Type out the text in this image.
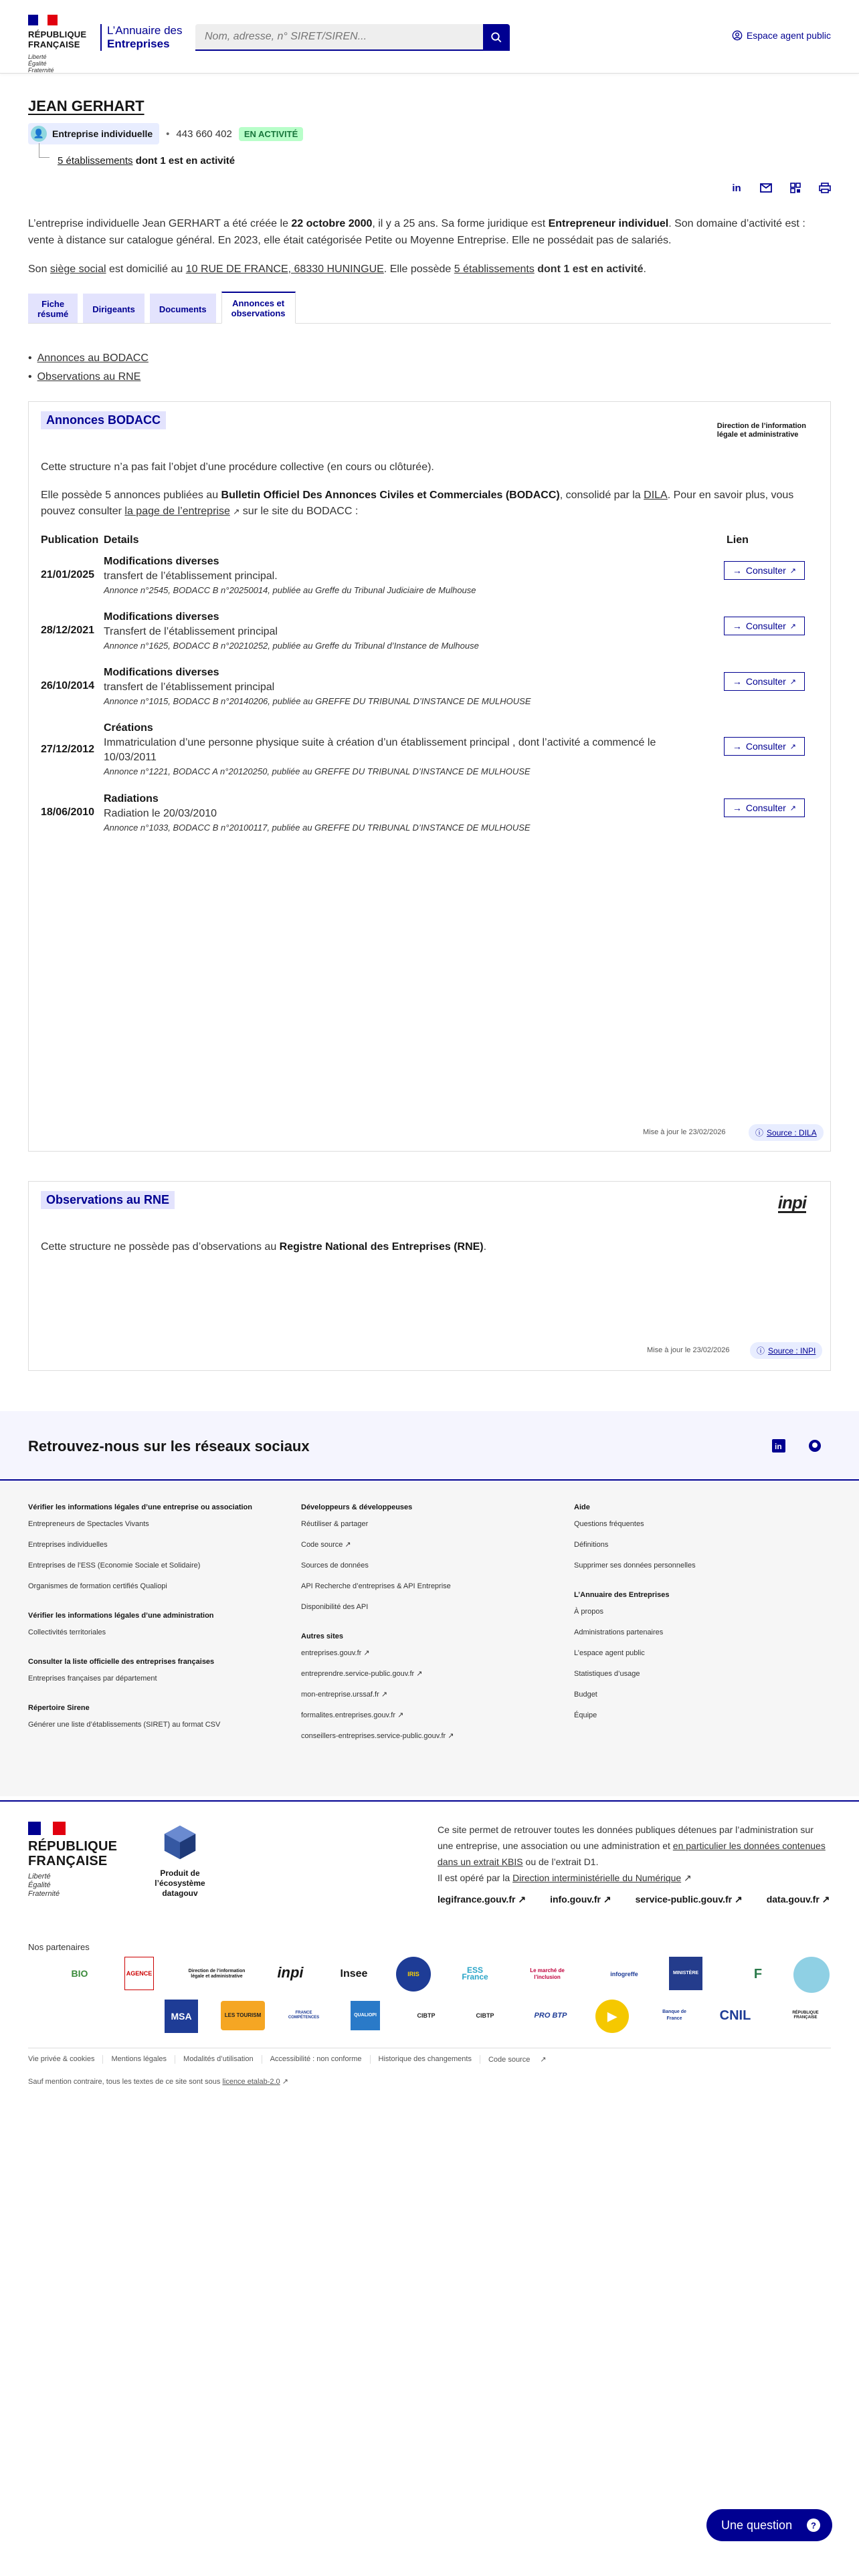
RÉPUBLIQUE FRANÇAISE
Liberté
Égalité
Fraternité
L’Annuaire des
Entreprises
Nom, adresse, n° SIRET/SIREN...
Espace agent public
JEAN GERHART
👤 Entreprise individuelle • 443 660 402	EN ACTIVITÉ
5 établissements dont 1 est en activité
in

L’entreprise individuelle Jean GERHART a été créée le 22 octobre 2000, il y a 25 ans. Sa forme juridique est Entrepreneur individuel. Son domaine d’activité est : vente à distance sur catalogue général. En 2023, elle était catégorisée Petite ou Moyenne Entreprise. Elle ne possédait pas de salariés.

Son siège social est domicilié au 10 RUE DE FRANCE, 68330 HUNINGUE. Elle possède 5 établissements dont 1 est en activité.

Fiche
résumé	Dirigeants	Documents
Annonces et
observations
• Annonces au BODACC
• Observations au RNE
Annonces BODACC	Direction de l’information
légale et administrative

Cette structure n’a pas fait l’objet d’une procédure collective (en cours ou clôturée).

Elle possède 5 annonces publiées au Bulletin Officiel Des Annonces Civiles et Commerciales (BODACC), consolidé par la DILA. Pour en savoir plus, vous pouvez consulter la page de l’entreprise ↗ sur le site du BODACC :

Publication Details	Lien
21/01/2025
Modifications diverses
transfert de l’établissement principal.
Annonce n°2545, BODACC B n°20250014, publiée au Greffe du Tribunal Judiciaire de Mulhouse
→ Consulter ↗
28/12/2021
Modifications diverses
Transfert de l’établissement principal
Annonce n°1625, BODACC B n°20210252, publiée au Greffe du Tribunal d’Instance de Mulhouse
→ Consulter ↗
26/10/2014
Modifications diverses
transfert de l’établissement principal
Annonce n°1015, BODACC B n°20140206, publiée au GREFFE DU TRIBUNAL D’INSTANCE DE MULHOUSE
→ Consulter ↗
27/12/2012
Créations
Immatriculation d’une personne physique suite à création d’un établissement principal , dont l’activité a commencé le 10/03/2011
Annonce n°1221, BODACC A n°20120250, publiée au GREFFE DU TRIBUNAL D’INSTANCE DE MULHOUSE
→ Consulter ↗
18/06/2010
Radiations
Radiation le 20/03/2010
Annonce n°1033, BODACC B n°20100117, publiée au GREFFE DU TRIBUNAL D’INSTANCE DE MULHOUSE
→ Consulter ↗
Mise à jour le 23/02/2026	ⓘ Source : DILA
Observations au RNE	inpi

Cette structure ne possède pas d’observations au Registre National des Entreprises (RNE).

Mise à jour le 23/02/2026	ⓘ Source : INPI
Retrouvez-nous sur les réseaux sociaux	in
Vérifier les informations légales d’une entreprise ou association

Entrepreneurs de Spectacles Vivants

Entreprises individuelles

Entreprises de l’ESS (Economie Sociale et Solidaire)

Organismes de formation certifiés Qualiopi

Vérifier les informations légales d’une administration

Collectivités territoriales

Consulter la liste officielle des entreprises françaises

Entreprises françaises par département

Répertoire Sirene

Générer une liste d’établissements (SIRET) au format CSV

Développeurs & développeuses

Réutiliser & partager

Code source ↗

Sources de données

API Recherche d’entreprises & API Entreprise

Disponibilité des API

Autres sites

entreprises.gouv.fr ↗

entreprendre.service-public.gouv.fr ↗

mon-entreprise.urssaf.fr ↗

formalites.entreprises.gouv.fr ↗

conseillers-entreprises.service-public.gouv.fr ↗

Aide

Questions fréquentes

Définitions

Supprimer ses données personnelles

L’Annuaire des Entreprises

À propos

Administrations partenaires

L’espace agent public

Statistiques d’usage

Budget

Équipe

RÉPUBLIQUE
FRANÇAISE
Liberté
Égalité
Fraternité
Produit de
l’écosystème datagouv

Ce site permet de retrouver toutes les données publiques détenues par l’administration sur une entreprise, une association ou une administration et en particulier les données contenues dans un extrait KBIS ou de l’extrait D1.
Il est opéré par la Direction interministérielle du Numérique ↗

legifrance.gouv.fr ↗	info.gouv.fr ↗	service-public.gouv.fr ↗	data.gouv.fr ↗
Nos partenaires
BIO	AGENCE	Direction de l’information légale et administrative	inpi	Insee	IRIS	ESS France
Le marché de l’inclusion	infogreffe	MINISTÈRE	F
MSA	LES TOURISM	FRANCE COMPÉTENCES	QUALIOPI	CIBTP	CIBTP	PRO BTP	▶	Banque de France	CNIL	RÉPUBLIQUE FRANÇAISE
Vie privée & cookies	Mentions légales	Modalités d’utilisation	Accessibilité : non conforme	Historique des changements	Code source ↗
Sauf mention contraire, tous les textes de ce site sont sous licence etalab-2.0 ↗
Une question	?
